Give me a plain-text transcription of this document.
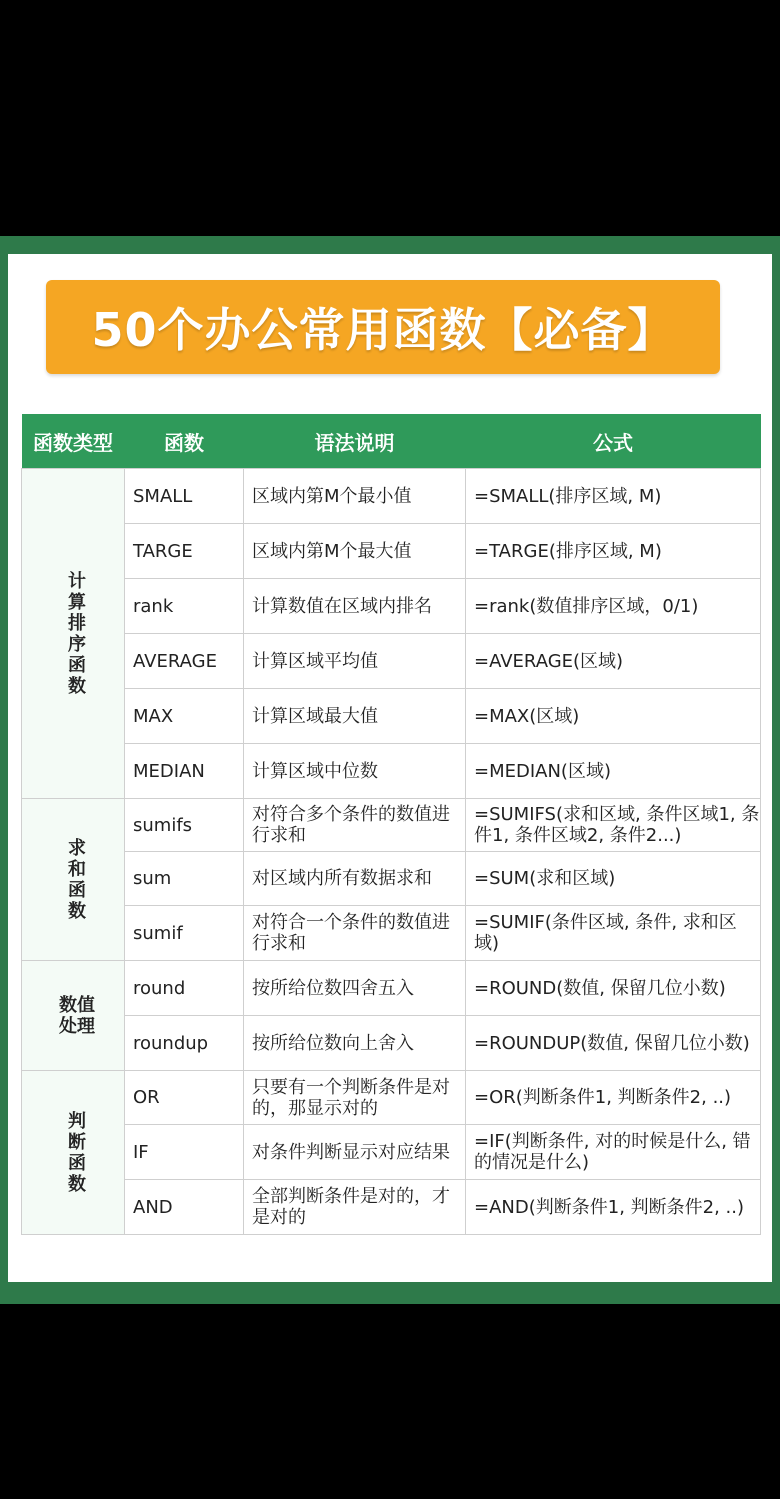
50个办公常用函数【必备】
函数类型	函数	语法说明	公式
计算排序函数	SMALL	区域内第M个最小值	=SMALL(排序区域, M)
	TARGE	区域内第M个最大值	=TARGE(排序区域, M)
	rank	计算数值在区域内排名	=rank(数值排序区域，0/1)
	AVERAGE	计算区域平均值	=AVERAGE(区域)
	MAX	计算区域最大值	=MAX(区域)
	MEDIAN	计算区域中位数	=MEDIAN(区域)
求和函数	sumifs	对符合多个条件的数值进行求和	=SUMIFS(求和区域, 条件区域1, 条件1, 条件区域2, 条件2...)
	sum	对区域内所有数据求和	=SUM(求和区域)
	sumif	对符合一个条件的数值进行求和	=SUMIF(条件区域, 条件, 求和区域)
数值处理	round	按所给位数四舍五入	=ROUND(数值, 保留几位小数)
	roundup	按所给位数向上舍入	=ROUNDUP(数值, 保留几位小数)
判断函数	OR	只要有一个判断条件是对的，那显示对的	=OR(判断条件1, 判断条件2, ..)
	IF	对条件判断显示对应结果	=IF(判断条件, 对的时候是什么, 错的情况是什么)
	AND	全部判断条件是对的，才是对的	=AND(判断条件1, 判断条件2, ..)
